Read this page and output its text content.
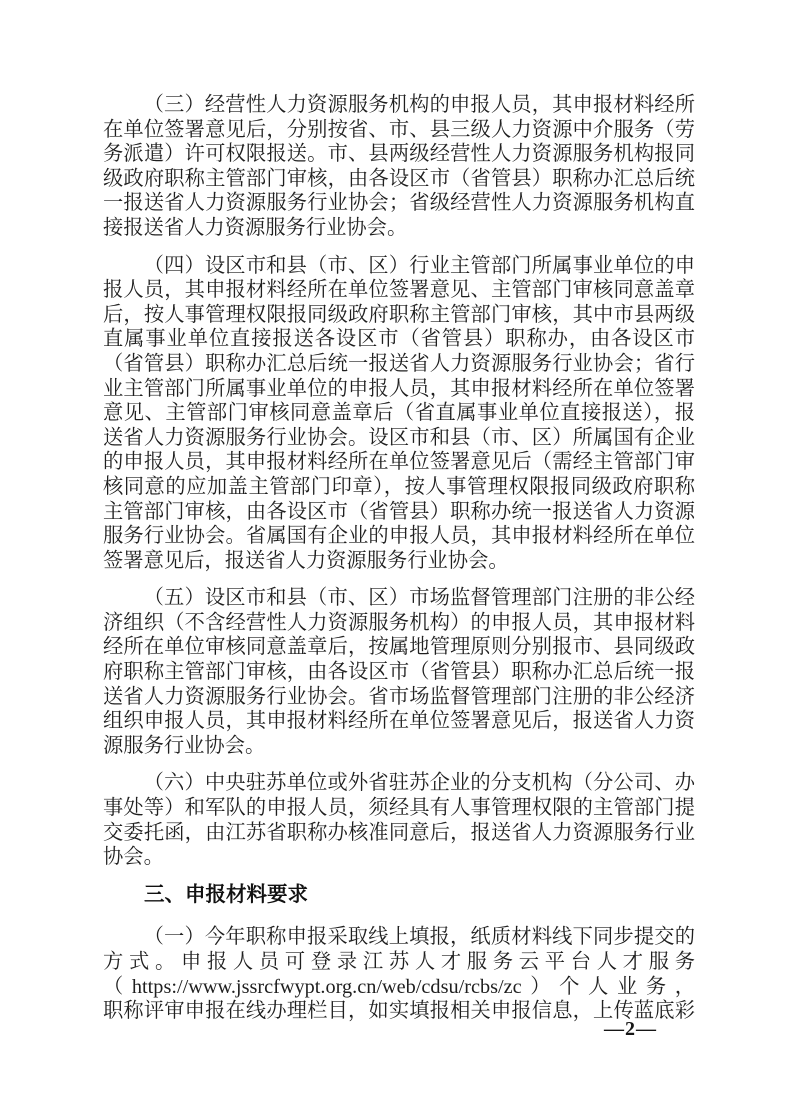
（三）经营性人力资源服务机构的申报人员，其申报材料经所
在单位签署意见后，分别按省、市、县三级人力资源中介服务（劳
务派遣）许可权限报送。市、县两级经营性人力资源服务机构报同
级政府职称主管部门审核，由各设区市（省管县）职称办汇总后统
一报送省人力资源服务行业协会；省级经营性人力资源服务机构直
接报送省人力资源服务行业协会。
（四）设区市和县（市、区）行业主管部门所属事业单位的申
报人员，其申报材料经所在单位签署意见、主管部门审核同意盖章
后，按人事管理权限报同级政府职称主管部门审核，其中市县两级
直属事业单位直接报送各设区市（省管县）职称办，由各设区市
（省管县）职称办汇总后统一报送省人力资源服务行业协会；省行
业主管部门所属事业单位的申报人员，其申报材料经所在单位签署
意见、主管部门审核同意盖章后（省直属事业单位直接报送），报
送省人力资源服务行业协会。设区市和县（市、区）所属国有企业
的申报人员，其申报材料经所在单位签署意见后（需经主管部门审
核同意的应加盖主管部门印章），按人事管理权限报同级政府职称
主管部门审核，由各设区市（省管县）职称办统一报送省人力资源
服务行业协会。省属国有企业的申报人员，其申报材料经所在单位
签署意见后，报送省人力资源服务行业协会。
（五）设区市和县（市、区）市场监督管理部门注册的非公经
济组织（不含经营性人力资源服务机构）的申报人员，其申报材料
经所在单位审核同意盖章后，按属地管理原则分别报市、县同级政
府职称主管部门审核，由各设区市（省管县）职称办汇总后统一报
送省人力资源服务行业协会。省市场监督管理部门注册的非公经济
组织申报人员，其申报材料经所在单位签署意见后，报送省人力资
源服务行业协会。
（六）中央驻苏单位或外省驻苏企业的分支机构（分公司、办
事处等）和军队的申报人员，须经具有人事管理权限的主管部门提
交委托函，由江苏省职称办核准同意后，报送省人力资源服务行业
协会。
三、申报材料要求
（一）今年职称申报采取线上填报，纸质材料线下同步提交的
方式。申报人员可登录江苏人才服务云平台人才服务
（https://www.jssrcfwypt.org.cn/web/cdsu/rcbs/zc）个人业务，
职称评审申报在线办理栏目，如实填报相关申报信息，上传蓝底彩
—2—
